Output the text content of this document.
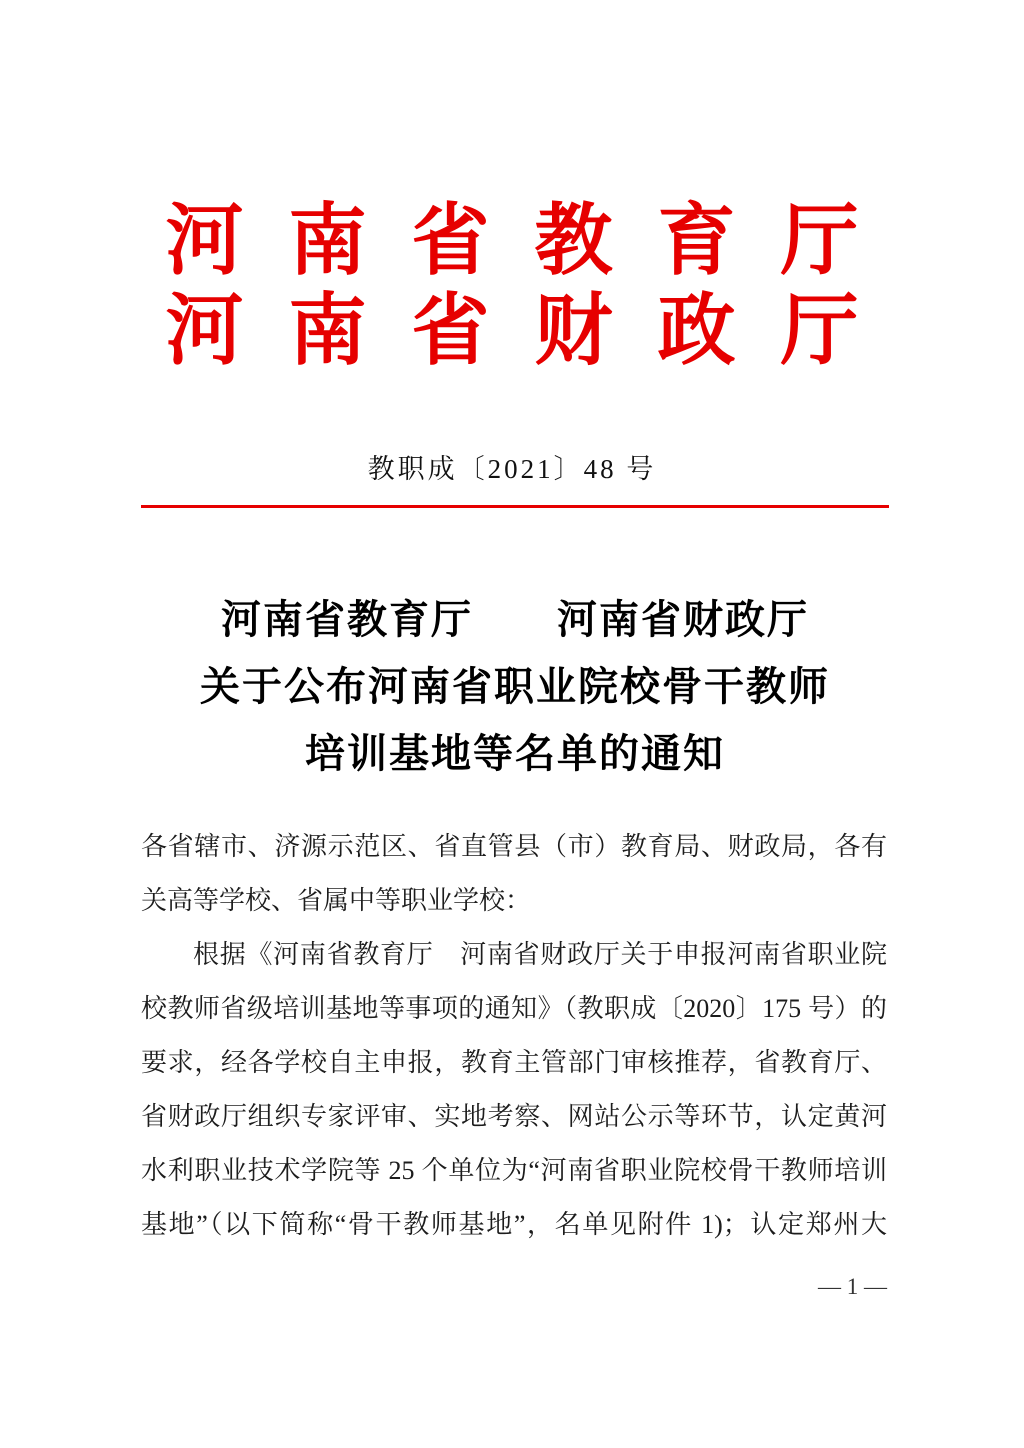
河南省教育厅
河南省财政厅
教职成〔2021〕48 号
河南省教育厅　　河南省财政厅
关于公布河南省职业院校骨干教师
培训基地等名单的通知
各省辖市、济源示范区、省直管县（市）教育局、财政局，各有
关高等学校、省属中等职业学校：
根据《河南省教育厅　河南省财政厅关于申报河南省职业院
校教师省级培训基地等事项的通知》（教职成〔2020〕175 号）的
要求，经各学校自主申报，教育主管部门审核推荐，省教育厅、
省财政厅组织专家评审、实地考察、网站公示等环节，认定黄河
水利职业技术学院等 25 个单位为“河南省职业院校骨干教师培训
基地”（以下简称“骨干教师基地”，名单见附件 1)；认定郑州大
— 1 —
